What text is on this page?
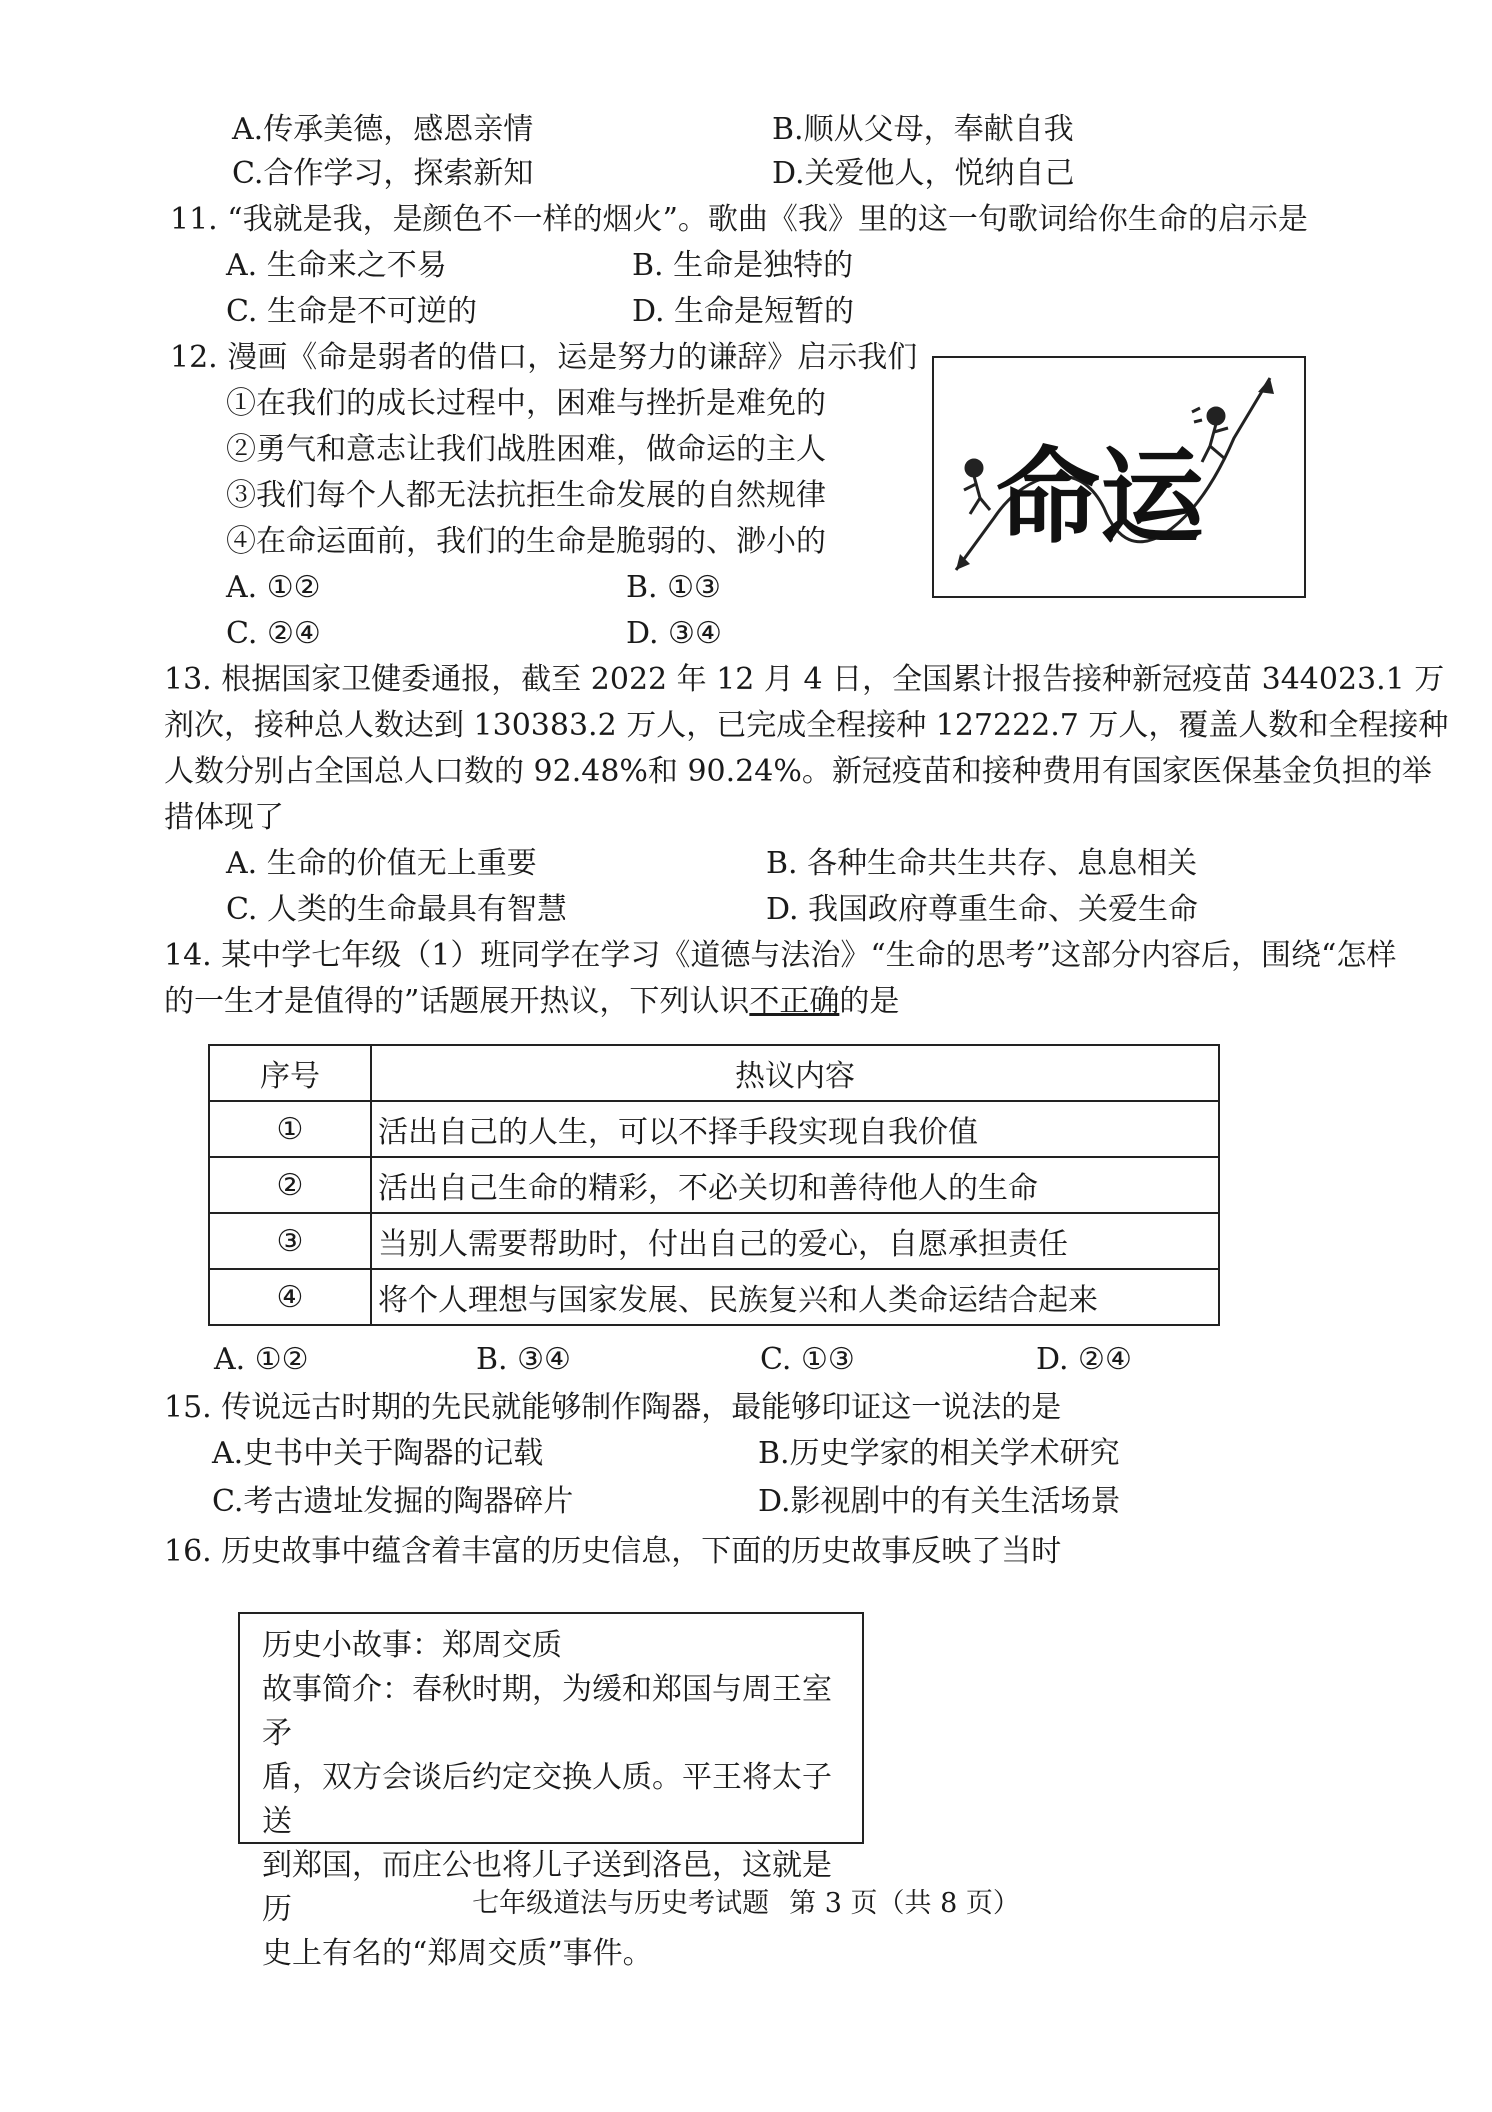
A.传承美德，感恩亲情	B.顺从父母，奉献自我
C.合作学习，探索新知	D.关爱他人，悦纳自己
11. “我就是我，是颜色不一样的烟火”。歌曲《我》里的这一句歌词给你生命的启示是
A. 生命来之不易	B. 生命是独特的
C. 生命是不可逆的	D. 生命是短暂的
12. 漫画《命是弱者的借口，运是努力的谦辞》启示我们
①在我们的成长过程中，困难与挫折是难免的
②勇气和意志让我们战胜困难，做命运的主人
③我们每个人都无法抗拒生命发展的自然规律
④在命运面前，我们的生命是脆弱的、渺小的
A. ①②	B. ①③
C. ②④	D. ③④
命运
13. 根据国家卫健委通报，截至 2022 年 12 月 4 日，全国累计报告接种新冠疫苗 344023.1 万
剂次，接种总人数达到 130383.2 万人，已完成全程接种 127222.7 万人，覆盖人数和全程接种
人数分别占全国总人口数的 92.48%和 90.24%。新冠疫苗和接种费用有国家医保基金负担的举
措体现了
A. 生命的价值无上重要	B. 各种生命共生共存、息息相关
C. 人类的生命最具有智慧	D. 我国政府尊重生命、关爱生命
14. 某中学七年级（1）班同学在学习《道德与法治》“生命的思考”这部分内容后，围绕“怎样
的一生才是值得的”话题展开热议，下列认识不正确的是
序号	热议内容
①	活出自己的人生，可以不择手段实现自我价值
②	活出自己生命的精彩，不必关切和善待他人的生命
③	当别人需要帮助时，付出自己的爱心，自愿承担责任
④	将个人理想与国家发展、民族复兴和人类命运结合起来
A. ①②	B. ③④	C. ①③	D. ②④
15. 传说远古时期的先民就能够制作陶器，最能够印证这一说法的是
A.史书中关于陶器的记载	B.历史学家的相关学术研究
C.考古遗址发掘的陶器碎片	D.影视剧中的有关生活场景
16. 历史故事中蕴含着丰富的历史信息，下面的历史故事反映了当时

历史小故事：郑周交质

故事简介：春秋时期，为缓和郑国与周王室矛

盾，双方会谈后约定交换人质。平王将太子送

到郑国，而庄公也将儿子送到洛邑，这就是历

史上有名的“郑周交质”事件。

七年级道法与历史考试题 第 3 页（共 8 页）
